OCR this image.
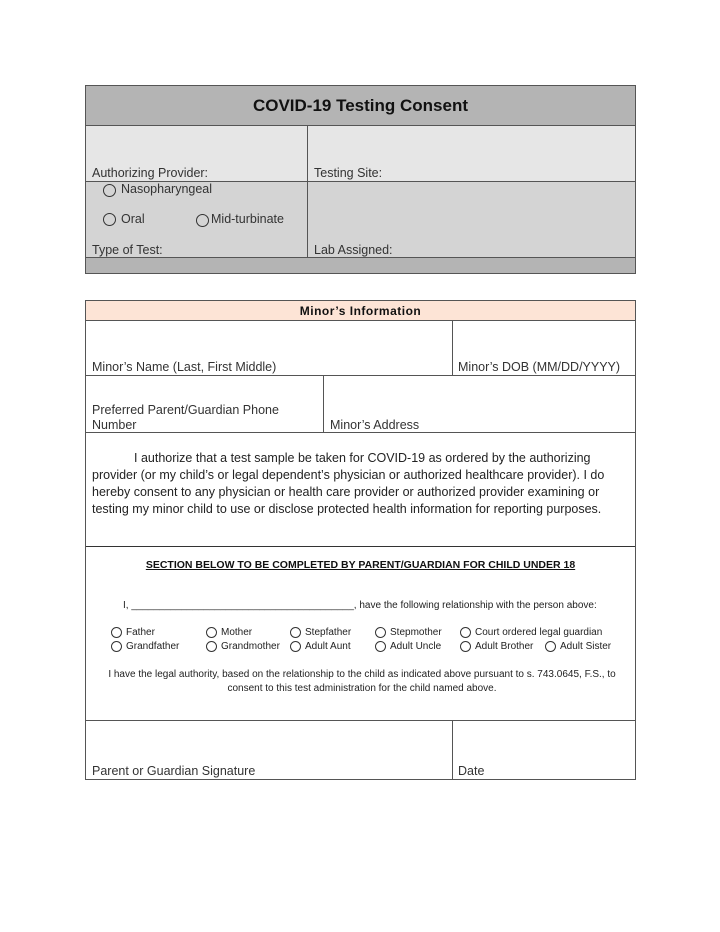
COVID-19 Testing Consent
Authorizing Provider:	Testing Site:
Nasopharyngeal
Oral	Mid-turbinate
Type of Test:	Lab Assigned:
Minor’s Information
Minor’s Name (Last, First Middle)	Minor’s DOB (MM/DD/YYYY)
Preferred Parent/Guardian Phone
Number	Minor’s Address
I authorize that a test sample be taken for COVID-19 as ordered by the authorizing provider (or my child’s or legal dependent’s physician or authorized healthcare provider). I do hereby consent to any physician or health care provider or authorized provider examining or testing my minor child to use or disclose protected health information for reporting purposes.
SECTION BELOW TO BE COMPLETED BY PARENT/GUARDIAN FOR CHILD UNDER 18
I, ________________________________________, have the following relationship with the person above:
Father	Mother	Stepfather	Stepmother	Court ordered legal guardian
Grandfather	Grandmother	Adult Aunt	Adult Uncle	Adult Brother	Adult Sister
I have the legal authority, based on the relationship to the child as indicated above pursuant to s. 743.0645, F.S., to consent to this test administration for the child named above.
Parent or Guardian Signature	Date
